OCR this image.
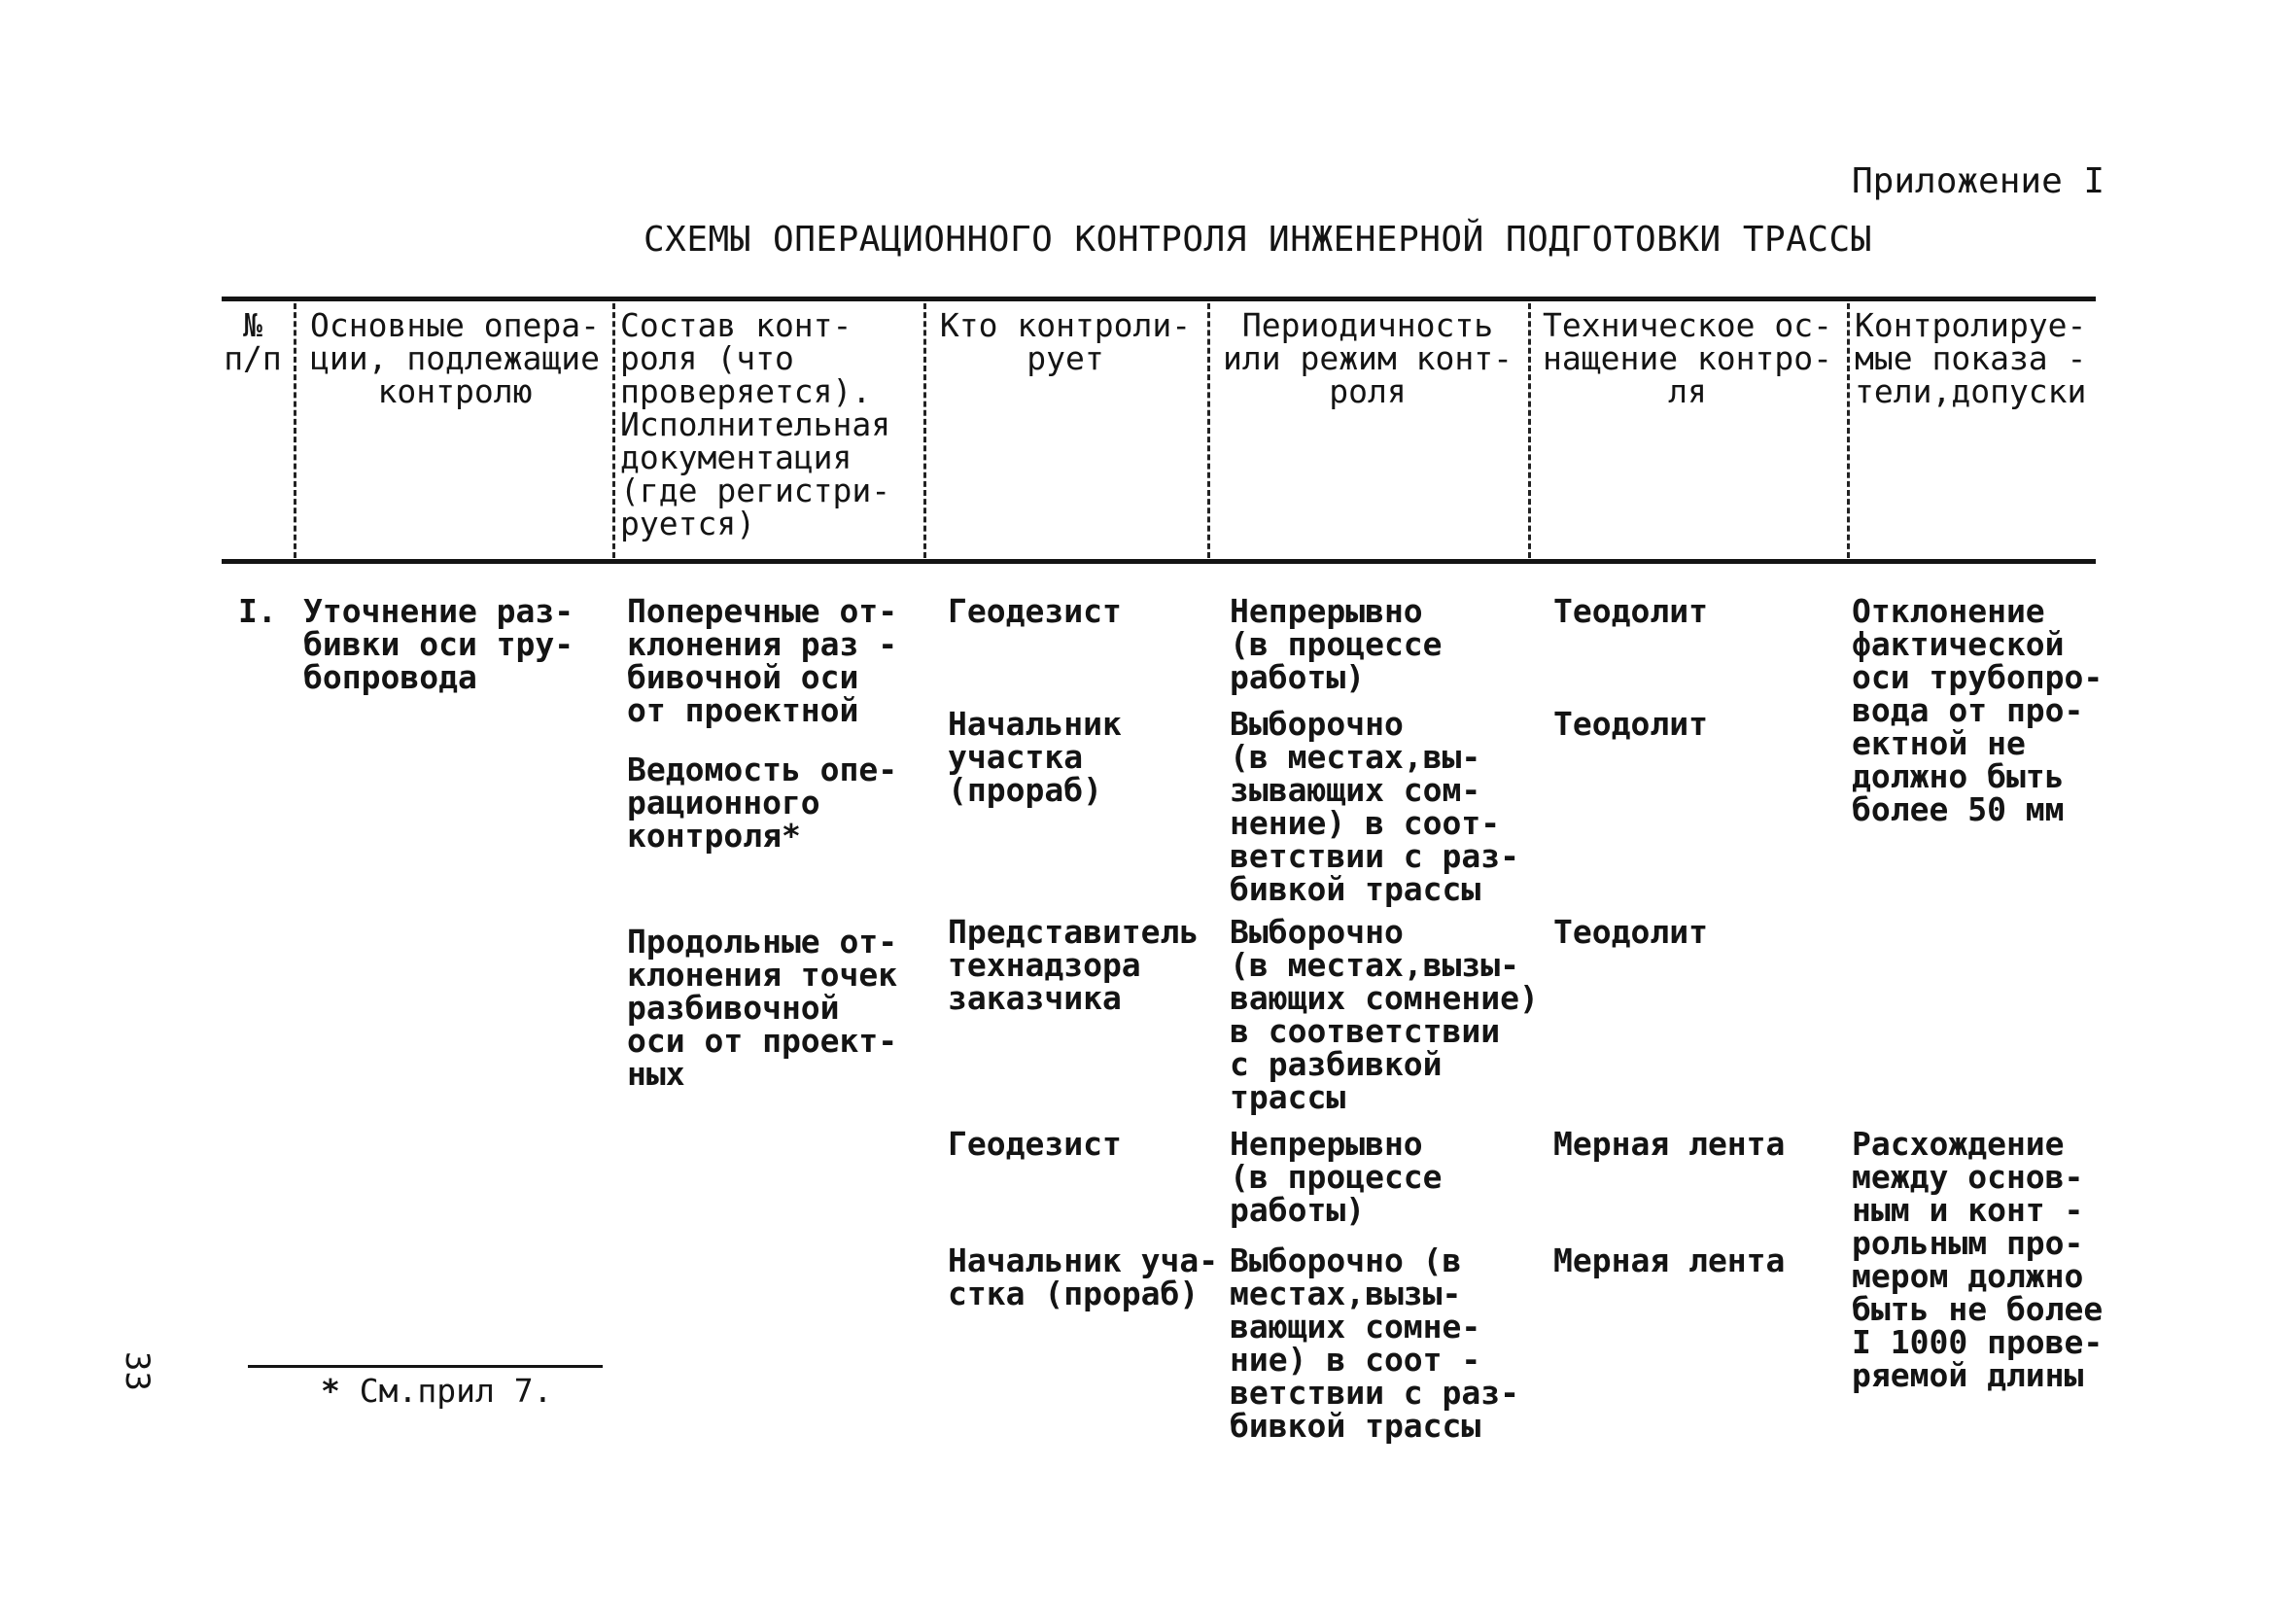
Приложение I
СХЕМЫ ОПЕРАЦИОННОГО КОНТРОЛЯ ИНЖЕНЕРНОЙ ПОДГОТОВКИ ТРАССЫ
№
п/п
Основные опера-
ции, подлежащие
контролю
Состав конт-
роля (что
проверяется).
Исполнительная
документация
(где регистри-
руется)
Кто контроли-
рует
Периодичность
или режим конт-
роля
Техническое ос-
нащение контро-
ля
Контролируе-
мые показа -
тели,допуски
I. Уточнение раз-
бивки оси тру-
бопровода
Поперечные от-
клонения раз -
бивочной оси
от проектной
Ведомость опе-
рационного
контроля*
Продольные от-
клонения точек
разбивочной
оси от проект-
ных
Геодезист
Начальник
участка
(прораб)
Представитель
технадзора
заказчика
Геодезист
Начальник уча-
стка (прораб)
Непрерывно
(в процессе
работы)
Выборочно
(в местах,вы-
зывающих сом-
нение) в соот-
ветствии с раз-
бивкой трассы
Выборочно
(в местах,вызы-
вающих сомнение)
в соответствии
с разбивкой
трассы
Непрерывно
(в процессе
работы)
Выборочно (в
местах,вызы-
вающих сомне-
ние) в соот -
ветствии с раз-
бивкой трассы
Теодолит
Теодолит
Теодолит
Мерная лента
Мерная лента
Отклонение
фактической
оси трубопро-
вода от про-
ектной не
должно быть
более 50 мм
Расхождение
между основ-
ным и конт -
рольным про-
мером должно
быть не более
I 1000 прове-
ряемой длины
33	* См.прил 7.
